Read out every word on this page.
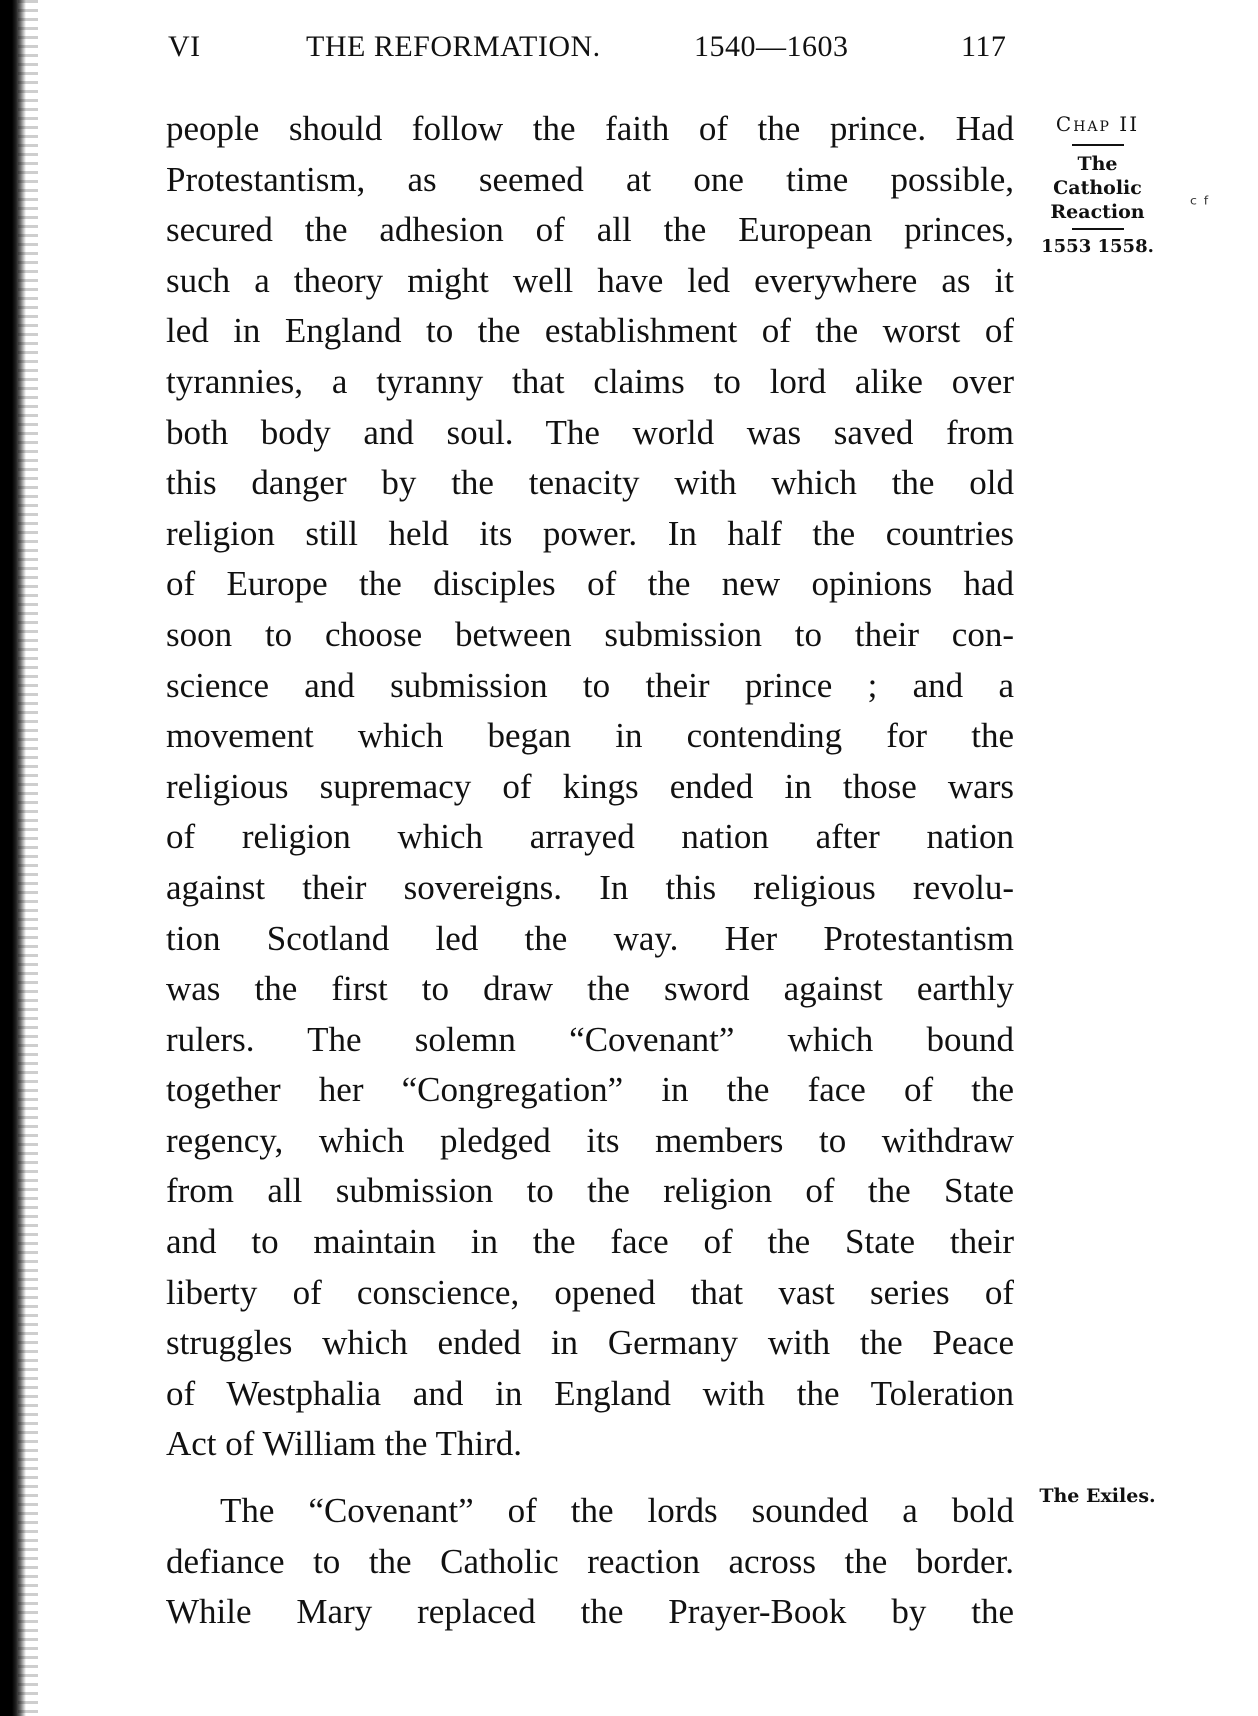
VI	THE REFORMATION.	1540—1603	117
people should follow the faith of the prince. Had
Protestantism, as seemed at one time possible,
secured the adhesion of all the European princes,
such a theory might well have led everywhere as it
led in England to the establishment of the worst of
tyrannies, a tyranny that claims to lord alike over
both body and soul. The world was saved from
this danger by the tenacity with which the old
religion still held its power. In half the countries
of Europe the disciples of the new opinions had
soon to choose between submission to their con-
science and submission to their prince ; and a
movement which began in contending for the
religious supremacy of kings ended in those wars
of religion which arrayed nation after nation
against their sovereigns. In this religious revolu-
tion Scotland led the way. Her Protestantism
was the first to draw the sword against earthly
rulers. The solemn “Covenant” which bound
together her “Congregation” in the face of the
regency, which pledged its members to withdraw
from all submission to the religion of the State
and to maintain in the face of the State their
liberty of conscience, opened that vast series of
struggles which ended in Germany with the Peace
of Westphalia and in England with the Toleration
Act of William the Third.
The “Covenant” of the lords sounded a bold
defiance to the Catholic reaction across the border.
While Mary replaced the Prayer-Book by the
Chap II
The
Catholic
Reaction
1553 1558.
The Exiles.
ᶜ ᶠ
